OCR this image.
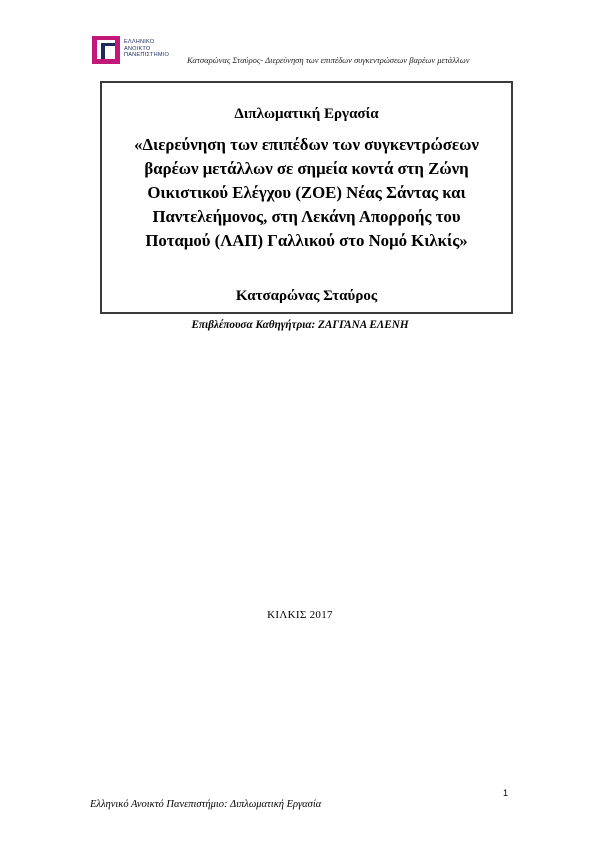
ΕΛΛΗΝΙΚΟ
ΑΝΟΙΚΤΟ
ΠΑΝΕΠΙΣΤΗΜΙΟ Κατσαρώνας Σταύρος- Διερεύνηση των επιπέδων συγκεντρώσεων βαρέων μετάλλων
Διπλωματική Εργασία
«Διερεύνηση των επιπέδων των συγκεντρώσεων
βαρέων μετάλλων σε σημεία κοντά στη Ζώνη
Οικιστικού Ελέγχου (ΖΟΕ) Νέας Σάντας και
Παντελεήμονος, στη Λεκάνη Απορροής του
Ποταμού (ΛΑΠ) Γαλλικού στο Νομό Κιλκίς»
Κατσαρώνας Σταύρος
Επιβλέπουσα Καθηγήτρια: ΖΑΓΓΑΝΑ ΕΛΕΝΗ
ΚΙΛΚΙΣ 2017
1
Ελληνικό Ανοικτό Πανεπιστήμιο: Διπλωματική Εργασία
